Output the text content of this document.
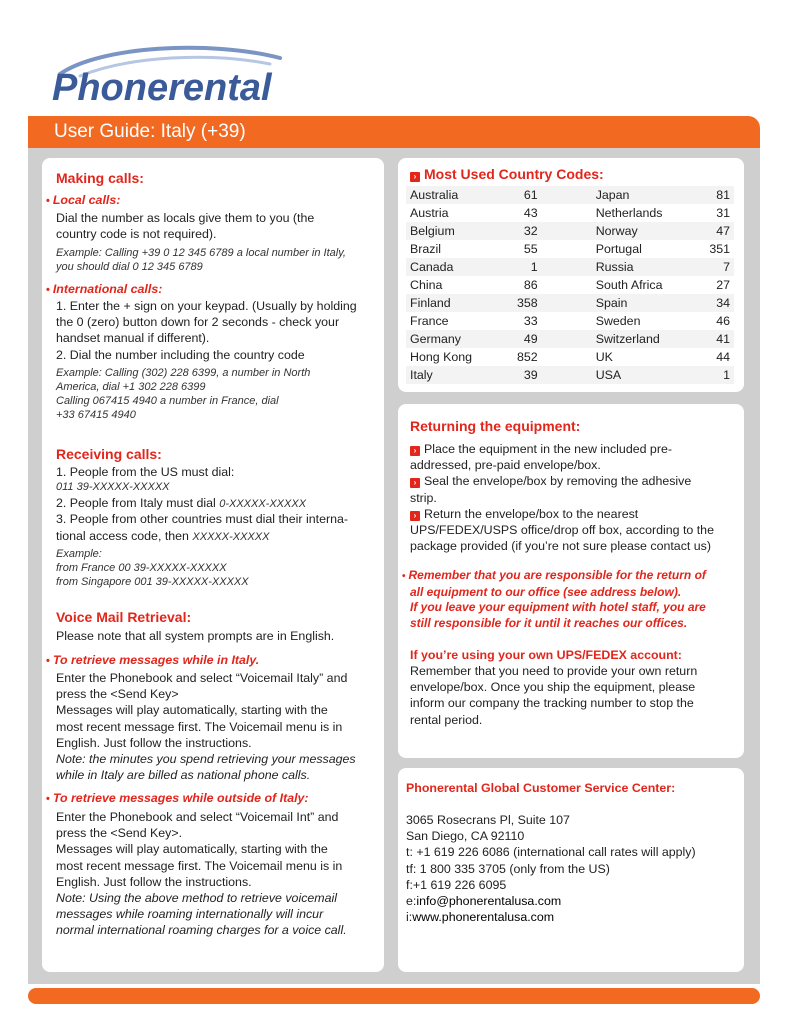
Phonerental
User Guide: Italy (+39)
Making calls:
• Local calls:
Dial the number as locals give them to you (the
country code is not required).
Example: Calling +39 0 12 345 6789 a local number in Italy,
you should dial 0 12 345 6789
• International calls:
1. Enter the + sign on your keypad. (Usually by holding
the 0 (zero) button down for 2 seconds - check your
handset manual if different).
2. Dial the number including the country code
Example: Calling (302) 228 6399, a number in North
America, dial +1 302 228 6399
Calling 067415 4940 a number in France, dial
+33 67415 4940
Receiving calls:
1. People from the US must dial:
011 39-XXXXX-XXXXX
2. People from Italy must dial 0-XXXXX-XXXXX
3. People from other countries must dial their interna-
tional access code, then XXXXX-XXXXX
Example:
from France 00 39-XXXXX-XXXXX
from Singapore 001 39-XXXXX-XXXXX
Voice Mail Retrieval:
Please note that all system prompts are in English.
• To retrieve messages while in Italy.
Enter the Phonebook and select “Voicemail Italy” and
press the <Send Key>
Messages will play automatically, starting with the
most recent message first. The Voicemail menu is in
English. Just follow the instructions.
Note: the minutes you spend retrieving your messages
while in Italy are billed as national phone calls.
• To retrieve messages while outside of Italy:
Enter the Phonebook and select “Voicemail Int” and
press the <Send Key>.
Messages will play automatically, starting with the
most recent message first. The Voicemail menu is in
English. Just follow the instructions.
Note: Using the above method to retrieve voicemail
messages while roaming internationally will incur
normal international roaming charges for a voice call.
› Most Used Country Codes:
Australia	61		Japan	81
Austria	43		Netherlands	31
Belgium	32		Norway	47
Brazil	55		Portugal	351
Canada	1		Russia	7
China	86		South Africa	27
Finland	358		Spain	34
France	33		Sweden	46
Germany	49		Switzerland	41
Hong Kong	852		UK	44
Italy	39		USA	1
Returning the equipment:
› Place the equipment in the new included pre-
addressed, pre-paid envelope/box.
› Seal the envelope/box by removing the adhesive
strip.
› Return the envelope/box to the nearest
UPS/FEDEX/USPS office/drop off box, according to the
package provided (if you’re not sure please contact us)
• Remember that you are responsible for the return of
all equipment to our office (see address below).
If you leave your equipment with hotel staff, you are
still responsible for it until it reaches our offices.
If you’re using your own UPS/FEDEX account:
Remember that you need to provide your own return
envelope/box. Once you ship the equipment, please
inform our company the tracking number to stop the
rental period.
Phonerental Global Customer Service Center:
3065 Rosecrans Pl, Suite 107
San Diego, CA 92110
t: +1 619 226 6086 (international call rates will apply)
tf: 1 800 335 3705 (only from the US)
f:+1 619 226 6095
e:info@phonerentalusa.com
i:www.phonerentalusa.com
